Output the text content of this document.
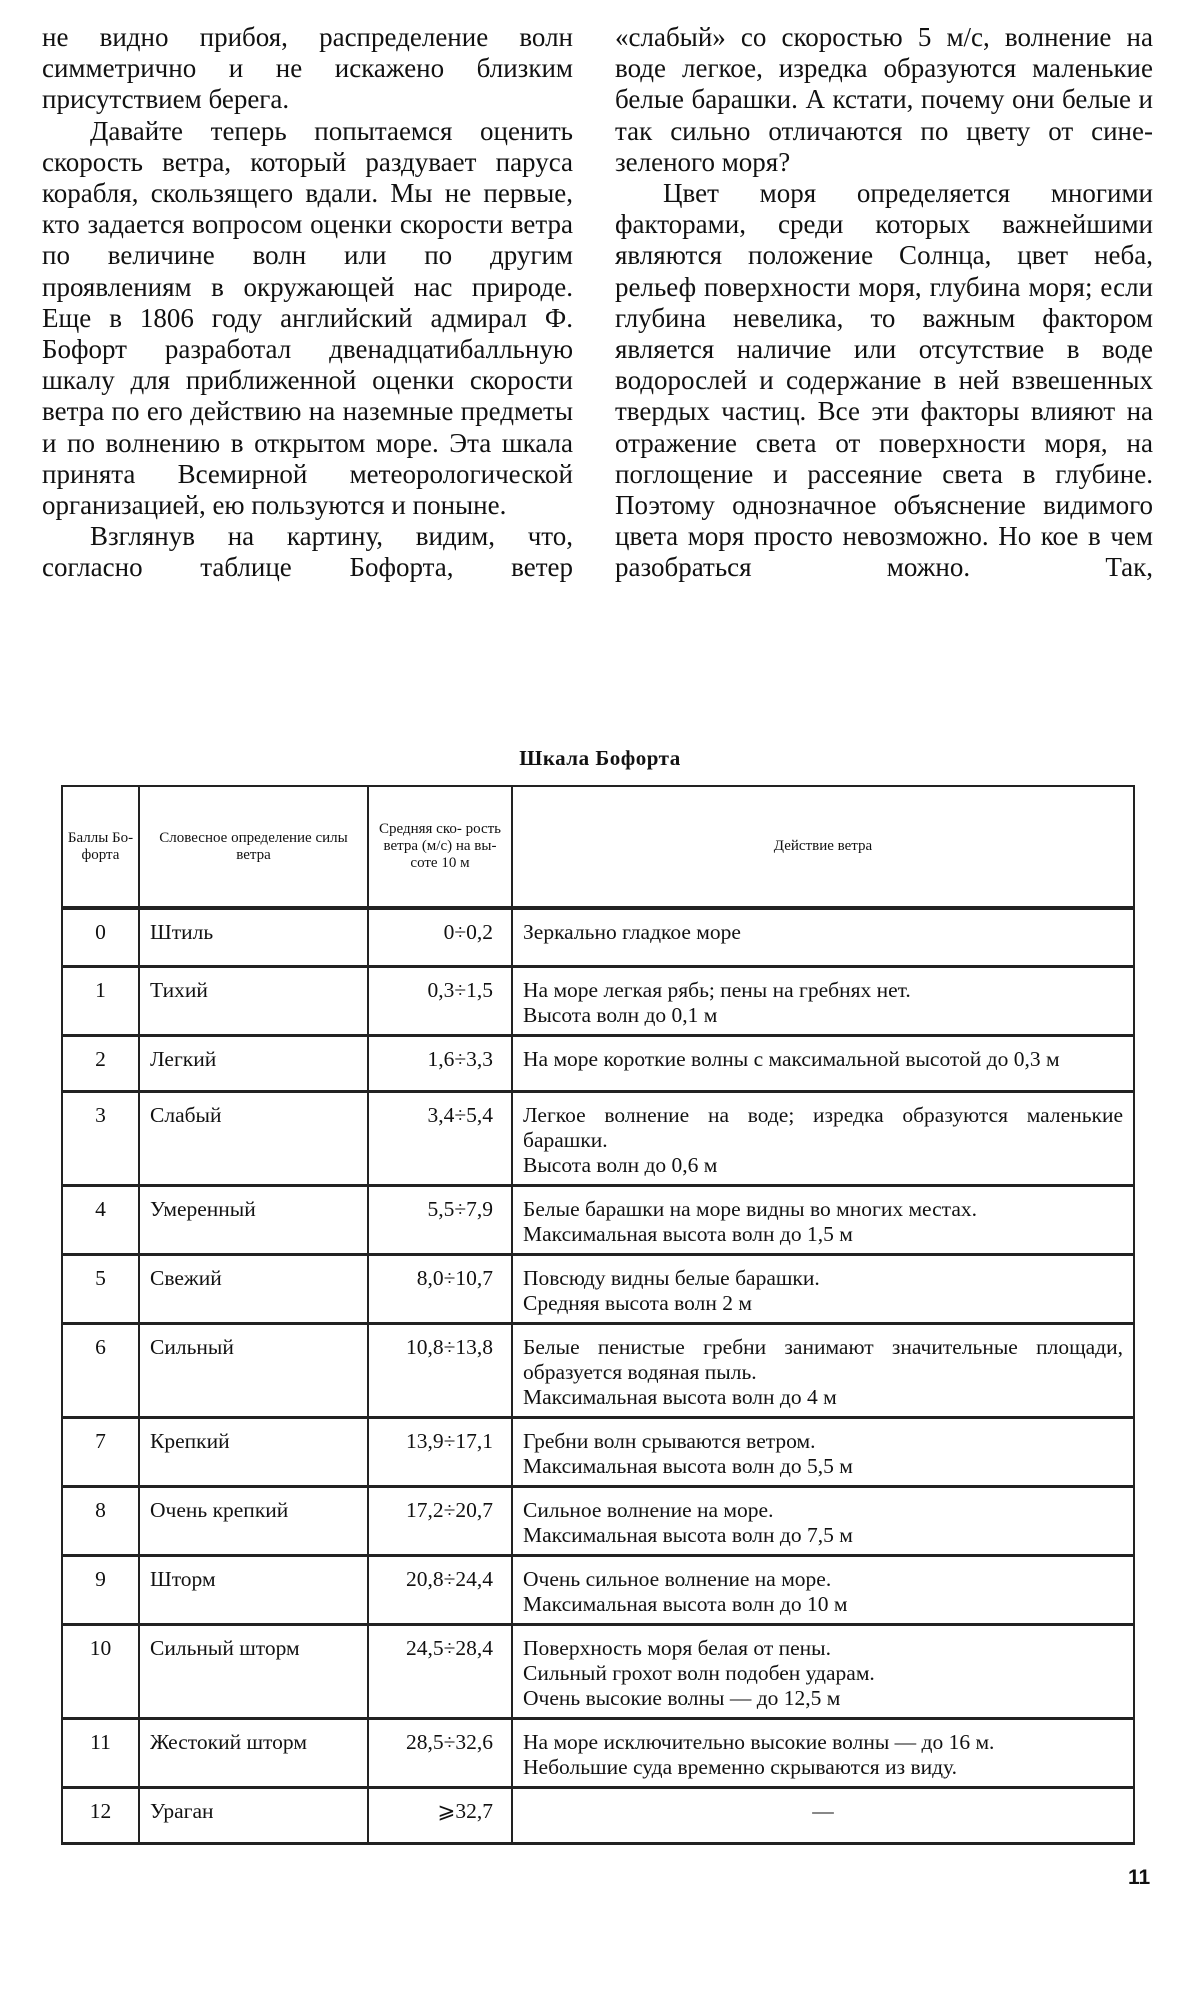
не видно прибоя, распределение волн симметрично и не искажено близким присутствием берега.

Давайте теперь попытаемся оценить скорость ветра, который раздувает паруса корабля, скользящего вдали. Мы не первые, кто задается вопросом оценки скорости ветра по величине волн или по другим проявлениям в окружающей нас природе. Еще в 1806 году английский адмирал Ф. Бофорт разработал двенадцатибалльную шкалу для приближенной оценки скорости ветра по его действию на наземные предметы и по волнению в открытом море. Эта шкала принята Всемирной метеорологической организацией, ею пользуются и поныне.

Взглянув на картину, видим, что, согласно таблице Бофорта, ветер

«слабый» со скоростью 5 м/с, волнение на воде легкое, изредка образуются маленькие белые барашки. А кстати, почему они белые и так сильно отличаются по цвету от сине-зеленого моря?

Цвет моря определяется многими факторами, среди которых важнейшими являются положение Солнца, цвет неба, рельеф поверхности моря, глубина моря; если глубина невелика, то важным фактором является наличие или отсутствие в воде водорослей и содержание в ней взвешенных твердых частиц. Все эти факторы влияют на отражение света от поверхности моря, на поглощение и рассеяние света в глубине. Поэтому однозначное объяснение видимого цвета моря просто невозможно. Но кое в чем разобраться можно. Так,

Шкала Бофорта
Баллы Бо- форта	Словесное определение силы ветра	Средняя ско- рость ветра (м/с) на вы- соте 10 м	Действие ветра
0	Штиль	0÷0,2	Зеркально гладкое море

1	Тихий	0,3÷1,5	На море легкая рябь; пены на гребнях нет.
Высота волн до 0,1 м

2	Легкий	1,6÷3,3	На море короткие волны с максимальной высотой до 0,3 м

3	Слабый	3,4÷5,4	Легкое волнение на воде; изредка образуются маленькие барашки.
Высота волн до 0,6 м

4	Умеренный	5,5÷7,9	Белые барашки на море видны во многих местах.
Максимальная высота волн до 1,5 м

5	Свежий	8,0÷10,7	Повсюду видны белые барашки.
Средняя высота волн 2 м

6	Сильный	10,8÷13,8	Белые пенистые гребни занимают значительные площади, образуется водяная пыль.
Максимальная высота волн до 4 м

7	Крепкий	13,9÷17,1	Гребни волн срываются ветром.
Максимальная высота волн до 5,5 м

8	Очень крепкий	17,2÷20,7	Сильное волнение на море.
Максимальная высота волн до 7,5 м

9	Шторм	20,8÷24,4	Очень сильное волнение на море.
Максимальная высота волн до 10 м

10	Сильный шторм	24,5÷28,4	Поверхность моря белая от пены.
Сильный грохот волн подобен ударам.
Очень высокие волны — до 12,5 м

11	Жестокий шторм	28,5÷32,6	На море исключительно высокие волны — до 16 м.
Небольшие суда временно скрываются из виду.

12	Ураган	⩾32,7	—
11
